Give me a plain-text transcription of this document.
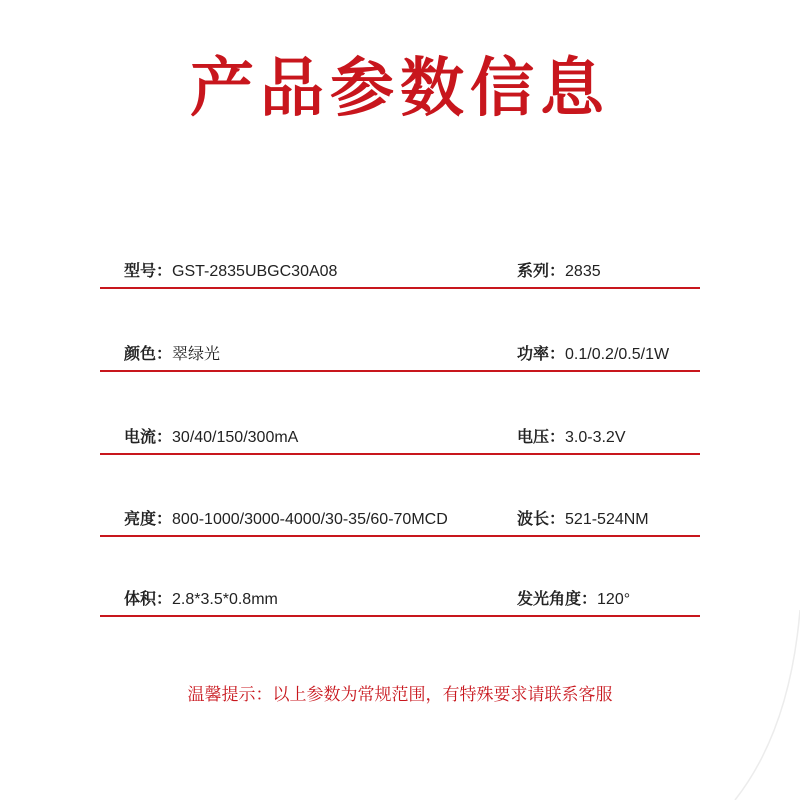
产品参数信息
型号：GST-2835UBGC30A08	系列：2835
颜色：翠绿光	功率：0.1/0.2/0.5/1W
电流：30/40/150/300mA	电压：3.0-3.2V
亮度：800-1000/3000-4000/30-35/60-70MCD	波长：521-524NM
体积：2.8*3.5*0.8mm	发光角度：120°
温馨提示：以上参数为常规范围，有特殊要求请联系客服
